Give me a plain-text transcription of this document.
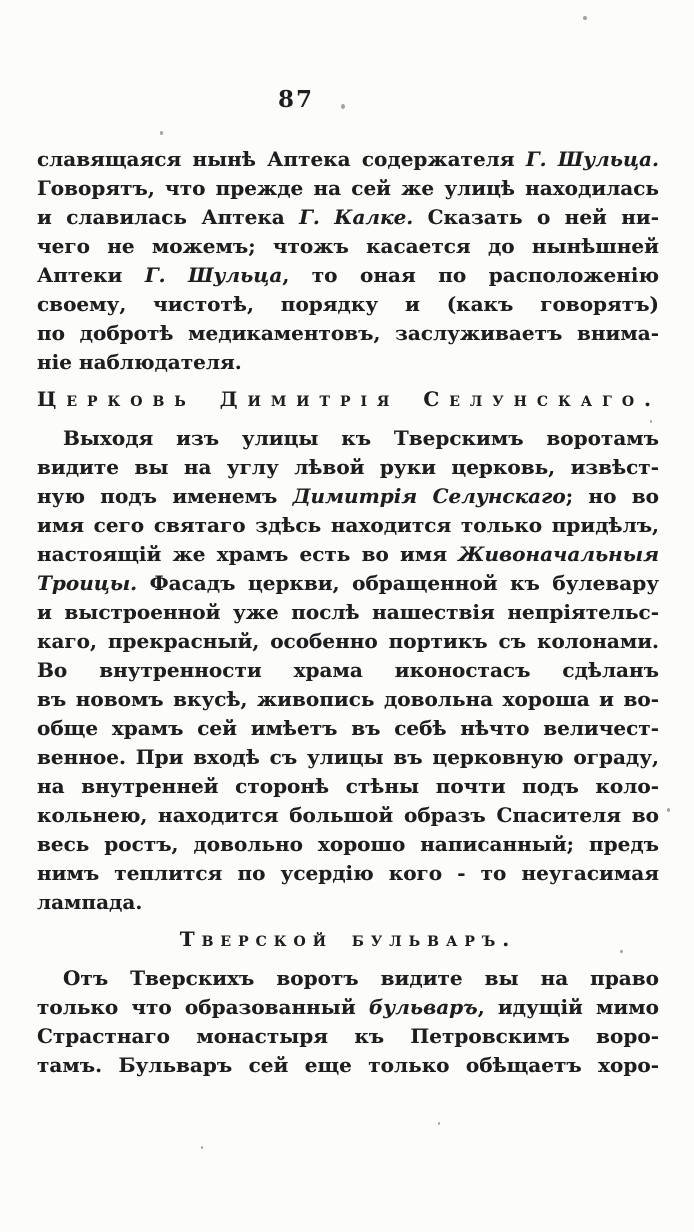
87
славящаяся нынѣ Аптека содержателя Г. Шульца.
Говорятъ, что прежде на сей же улицѣ находилась
и славилась Аптека Г. Калке. Сказать о ней ни-
чего не можемъ; чтожъ касается до нынѣшней
Аптеки Г. Шульца, то оная по расположенію
своему, чистотѣ, порядку и (какъ говорятъ)
по добротѣ медикаментовъ, заслуживаетъ внима-
ніе наблюдателя.
Церковь Димитрія Селунскаго.
Выходя изъ улицы къ Тверскимъ воротамъ
видите вы на углу лѣвой руки церковь, извѣст-
ную подъ именемъ Димитрія Селунскаго; но во
имя сего святаго здѣсь находится только придѣлъ,
настоящій же храмъ есть во имя Живоначальныя
Троицы. Фасадъ церкви, обращенной къ булевару
и выстроенной уже послѣ нашествія непріятельс-
каго, прекрасный, особенно портикъ съ колонами.
Во внутренности храма иконостасъ сдѣланъ
въ новомъ вкусѣ, живопись довольна хороша и во-
обще храмъ сей имѣетъ въ себѣ нѣчто величест-
венное. При входѣ съ улицы въ церковную ограду,
на внутренней сторонѣ стѣны почти подъ коло-
кольнею, находится большой образъ Спасителя во
весь ростъ, довольно хорошо написанный; предъ
нимъ теплится по усердію кого - то неугасимая
лампада.
Тверской бульваръ.
Отъ Тверскихъ воротъ видите вы на право
только что образованный бульваръ, идущій мимо
Страстнаго монастыря къ Петровскимъ воро-
тамъ. Бульваръ сей еще только обѣщаетъ хоро-
